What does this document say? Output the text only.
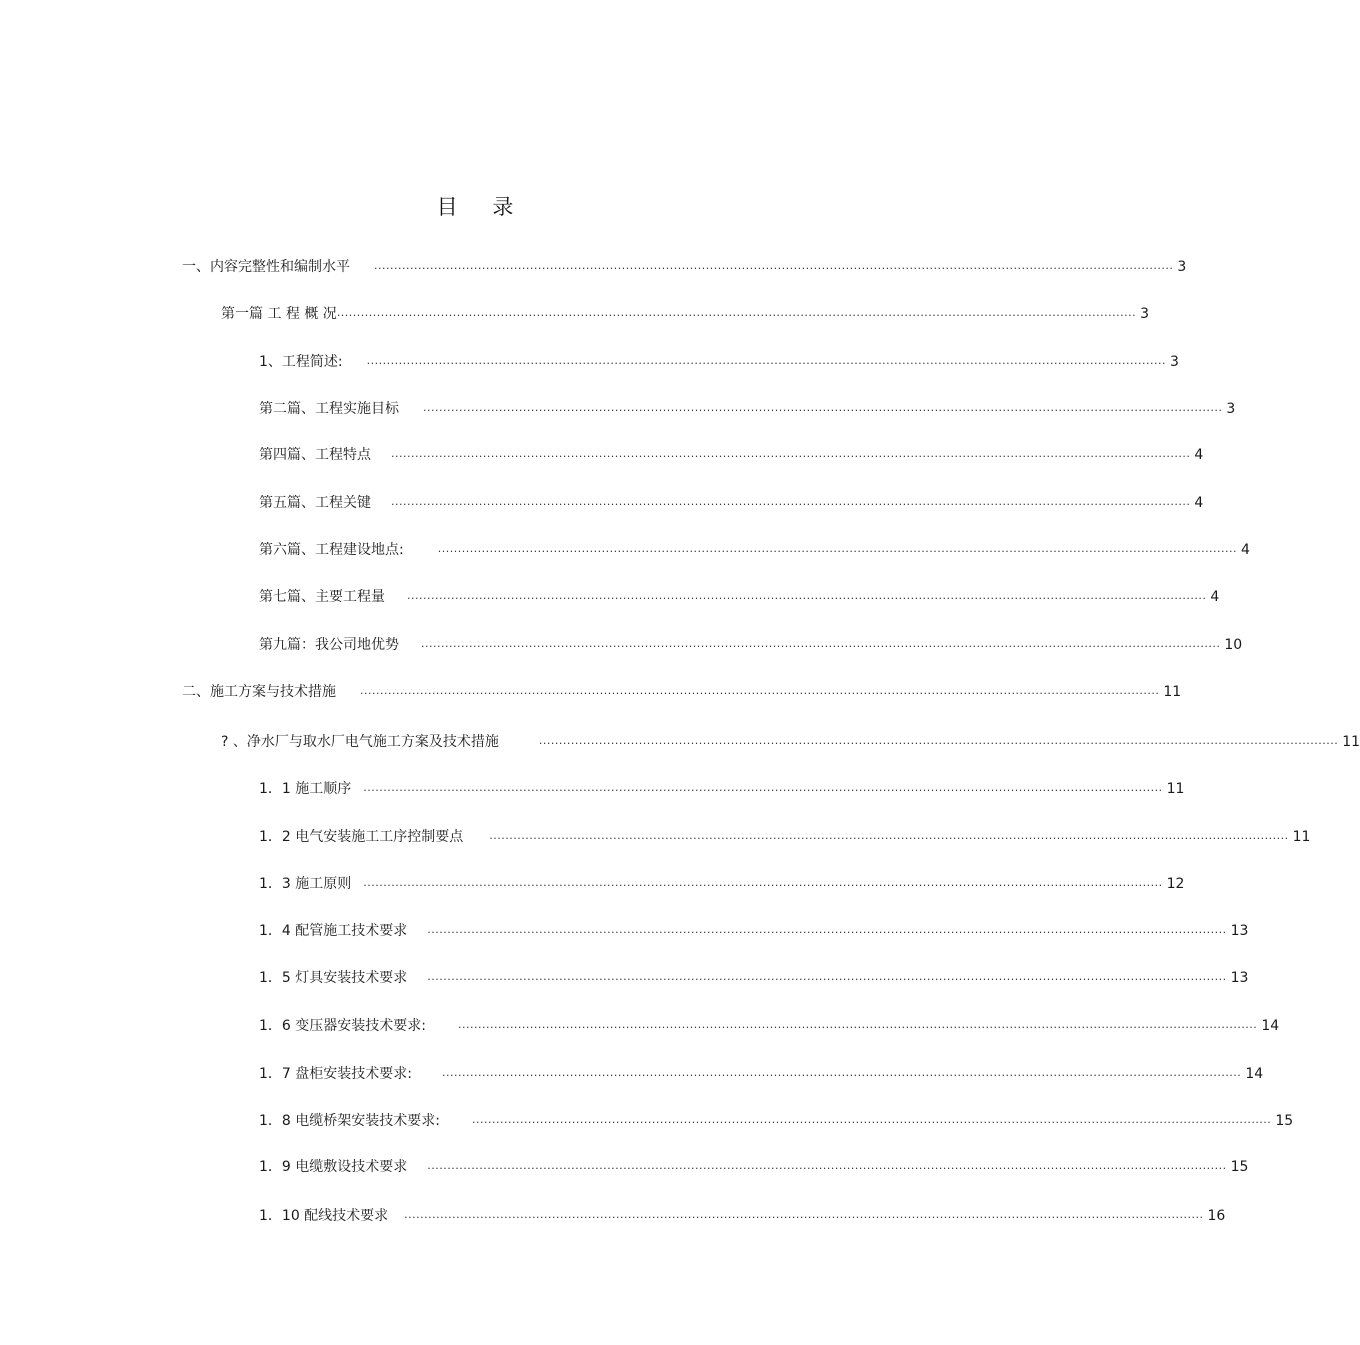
目 录
一、内容完整性和编制水平 ........................................................................................................................................................................................................ 3
第一篇 工 程 概 况 ........................................................................................................................................................................................................ 3
1、工程简述: ........................................................................................................................................................................................................ 3
第二篇、工程实施目标 ........................................................................................................................................................................................................ 3
第四篇、工程特点 ........................................................................................................................................................................................................ 4
第五篇、工程关键 ........................................................................................................................................................................................................ 4
第六篇、工程建设地点:	........................................................................................................................................................................................................ 4
第七篇、主要工程量 ........................................................................................................................................................................................................ 4
第九篇：我公司地优势 ........................................................................................................................................................................................................ 10
二、施工方案与技术措施 ........................................................................................................................................................................................................ 11
? 、净水厂与取水厂电气施工方案及技术措施	........................................................................................................................................................................................................ 11
1．1 施工顺序 ........................................................................................................................................................................................................ 11
1．2 电气安装施工工序控制要点 ........................................................................................................................................................................................................ 11
1．3 施工原则 ........................................................................................................................................................................................................ 12
1．4 配管施工技术要求 ........................................................................................................................................................................................................ 13
1．5 灯具安装技术要求 ........................................................................................................................................................................................................ 13
1．6 变压器安装技术要求:	........................................................................................................................................................................................................ 14
1．7 盘柜安装技术要求:	........................................................................................................................................................................................................ 14
1．8 电缆桥架安装技术要求:	........................................................................................................................................................................................................ 15
1．9 电缆敷设技术要求 ........................................................................................................................................................................................................ 15
1．10 配线技术要求 ........................................................................................................................................................................................................ 16
